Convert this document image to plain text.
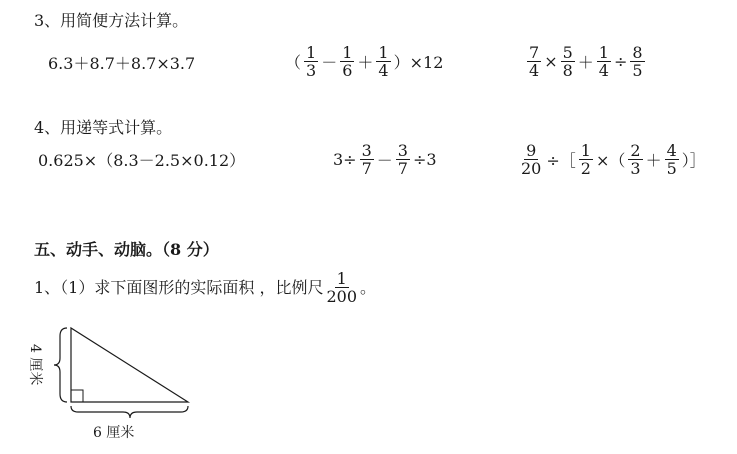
3、用简便方法计算。
6.3＋8.7＋8.7×3.7	（ $\frac{1}{3} - \frac{1}{6} + \frac{1}{4} )\times 12$	$\frac{7}{4} \times \frac{5}{8} + \frac{1}{4} \div \frac{8}{5}$
4、用递等式计算。
0.625×（8.3－2.5×0.12）	$3\div \frac{3}{7} - \frac{3}{7} \div 3$	$\frac{9}{20}$ ÷［ $\frac{1}{2}$ ×（ $\frac{2}{3} + \frac{4}{5}$ ）］
五、动手、动脑。（8 分）
1、（1）求下面图形的实际面积 ，比例尺 $\frac{1}{200}$ 。
4 厘米
6 厘米
